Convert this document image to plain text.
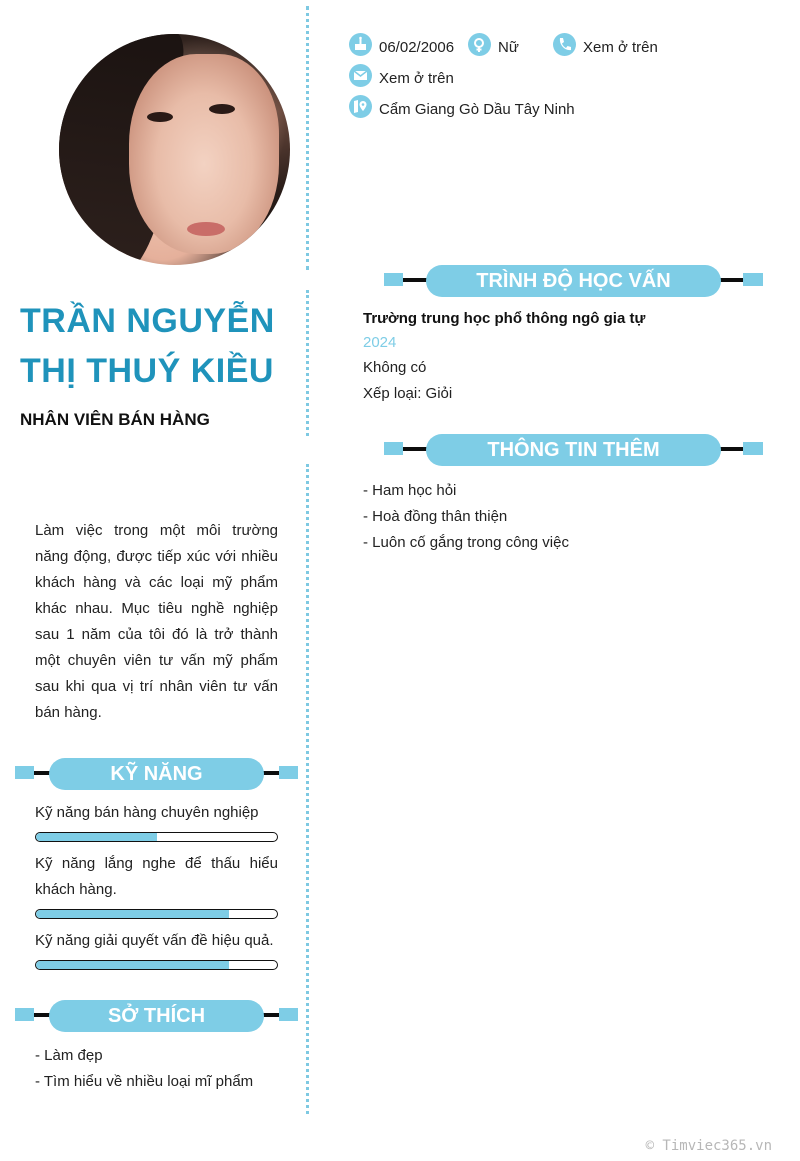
TRẦN NGUYỄN THỊ THUÝ KIỀU
NHÂN VIÊN BÁN HÀNG
Làm việc trong một môi trường năng động, được tiếp xúc với nhiều khách hàng và các loại mỹ phẩm khác nhau. Mục tiêu nghề nghiệp sau 1 năm của tôi đó là trở thành một chuyên viên tư vấn mỹ phẩm sau khi qua vị trí nhân viên tư vấn bán hàng.
KỸ NĂNG
Kỹ năng bán hàng chuyên nghiệp
Kỹ năng lắng nghe để thấu hiểu khách hàng.
Kỹ năng giải quyết vấn đề hiệu quả.
SỞ THÍCH
- Làm đẹp
- Tìm hiểu về nhiều loại mĩ phẩm
06/02/2006	Nữ	Xem ở trên
Xem ở trên
Cẩm Giang Gò Dầu Tây Ninh
TRÌNH ĐỘ HỌC VẤN
Trường trung học phổ thông ngô gia tự
2024
Không có
Xếp loại: Giỏi
THÔNG TIN THÊM
- Ham học hỏi
- Hoà đồng thân thiện
- Luôn cố gắng trong công việc
© Timviec365.vn
